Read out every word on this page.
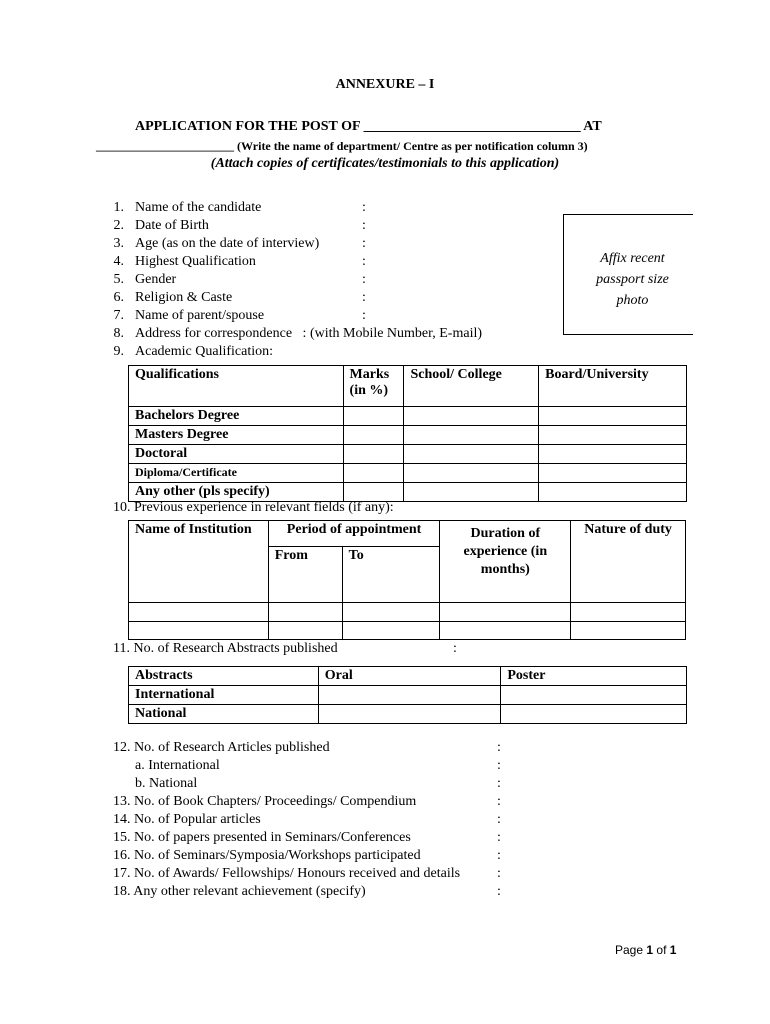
ANNEXURE – I
APPLICATION FOR THE POST OF _______________________________ AT
_______________________ (Write the name of department/ Centre as per notification column 3)
(Attach copies of certificates/testimonials to this application)
1. Name of the candidate	:
2. Date of Birth	:
3. Age (as on the date of interview)	:
4. Highest Qualification	:
5. Gender	:
6. Religion & Caste	:
7. Name of parent/spouse	:
8. Address for correspondence   : (with Mobile Number, E-mail)
9. Academic Qualification:
Affix recent
passport size
photo
Qualifications	Marks (in %)	School/ College	Board/University
Bachelors Degree			
Masters Degree			
Doctoral			
Diploma/Certificate			
Any other (pls specify)			
10. Previous experience in relevant fields (if any):
Name of Institution	Period of appointment		Duration of experience (in months)	Nature of duty
	From	To		

11. No. of Research Abstracts published	:
Abstracts	Oral	Poster
International		
National		
12. No. of Research Articles published	:
a. International	:
b. National	:
13. No. of Book Chapters/ Proceedings/ Compendium	:
14. No. of Popular articles	:
15. No. of papers presented in Seminars/Conferences	:
16. No. of Seminars/Symposia/Workshops participated	:
17. No. of Awards/ Fellowships/ Honours received and details	:
18. Any other relevant achievement (specify)	:
Page 1 of 1
